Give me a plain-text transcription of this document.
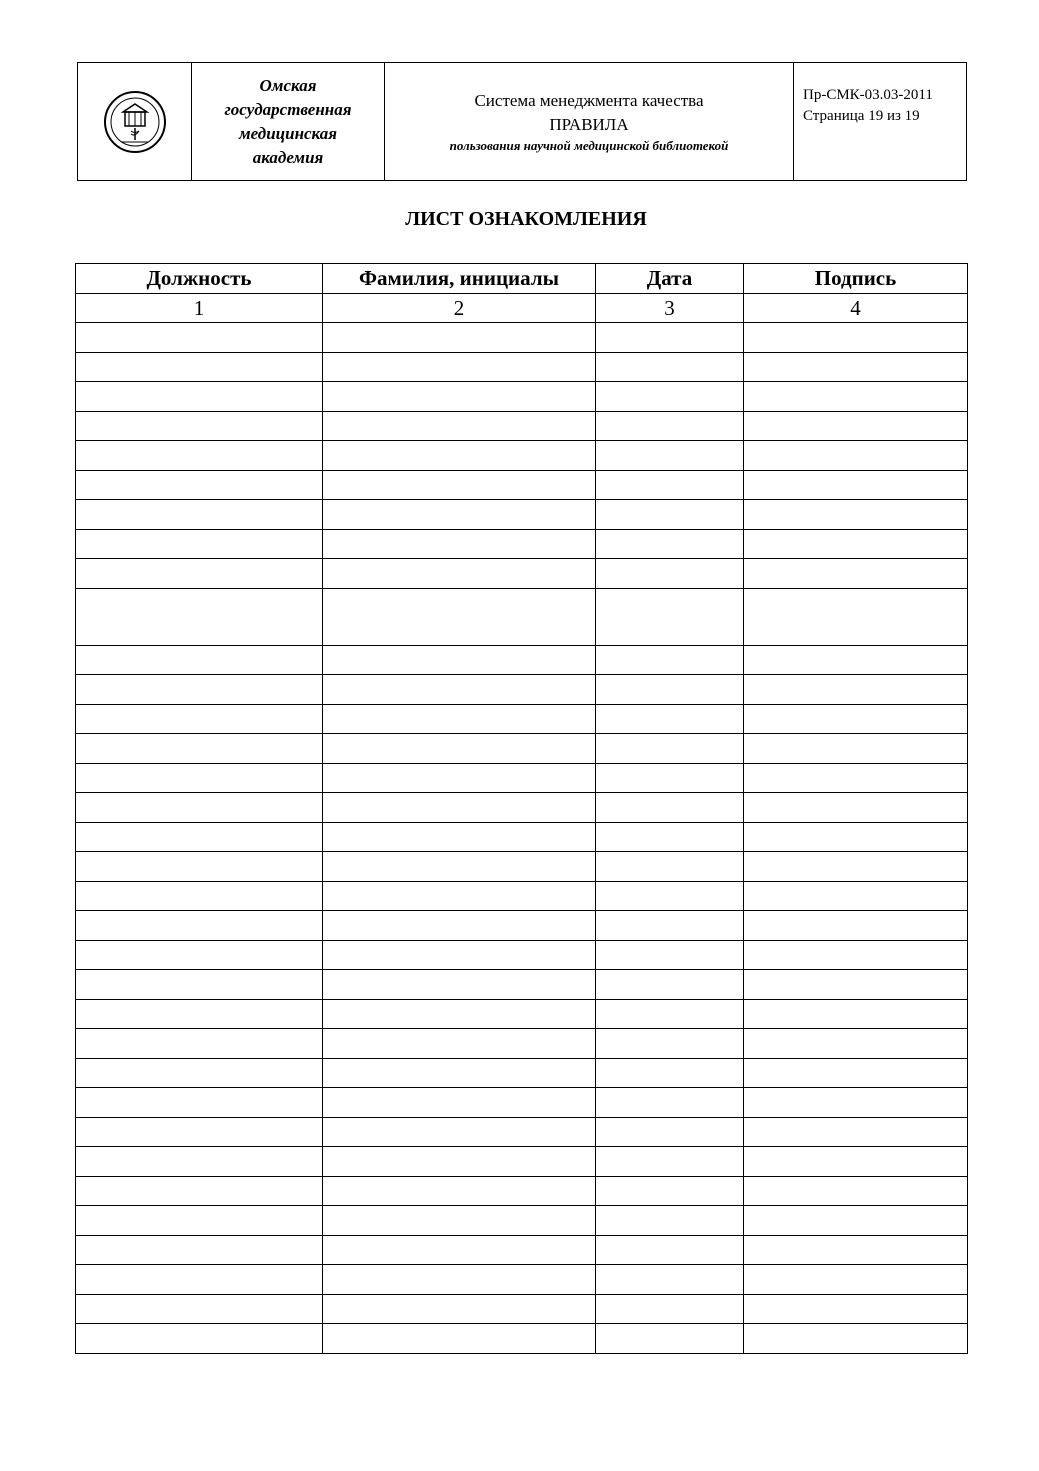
Омская
государственная
медицинская
академия

Система менеджмента качества
ПРАВИЛА
пользования научной медицинской библиотекой

Пр-СМК-03.03-2011
Страница 19 из 19
ЛИСТ ОЗНАКОМЛЕНИЯ
Должность	Фамилия, инициалы	Дата	Подпись
1	2	3	4
